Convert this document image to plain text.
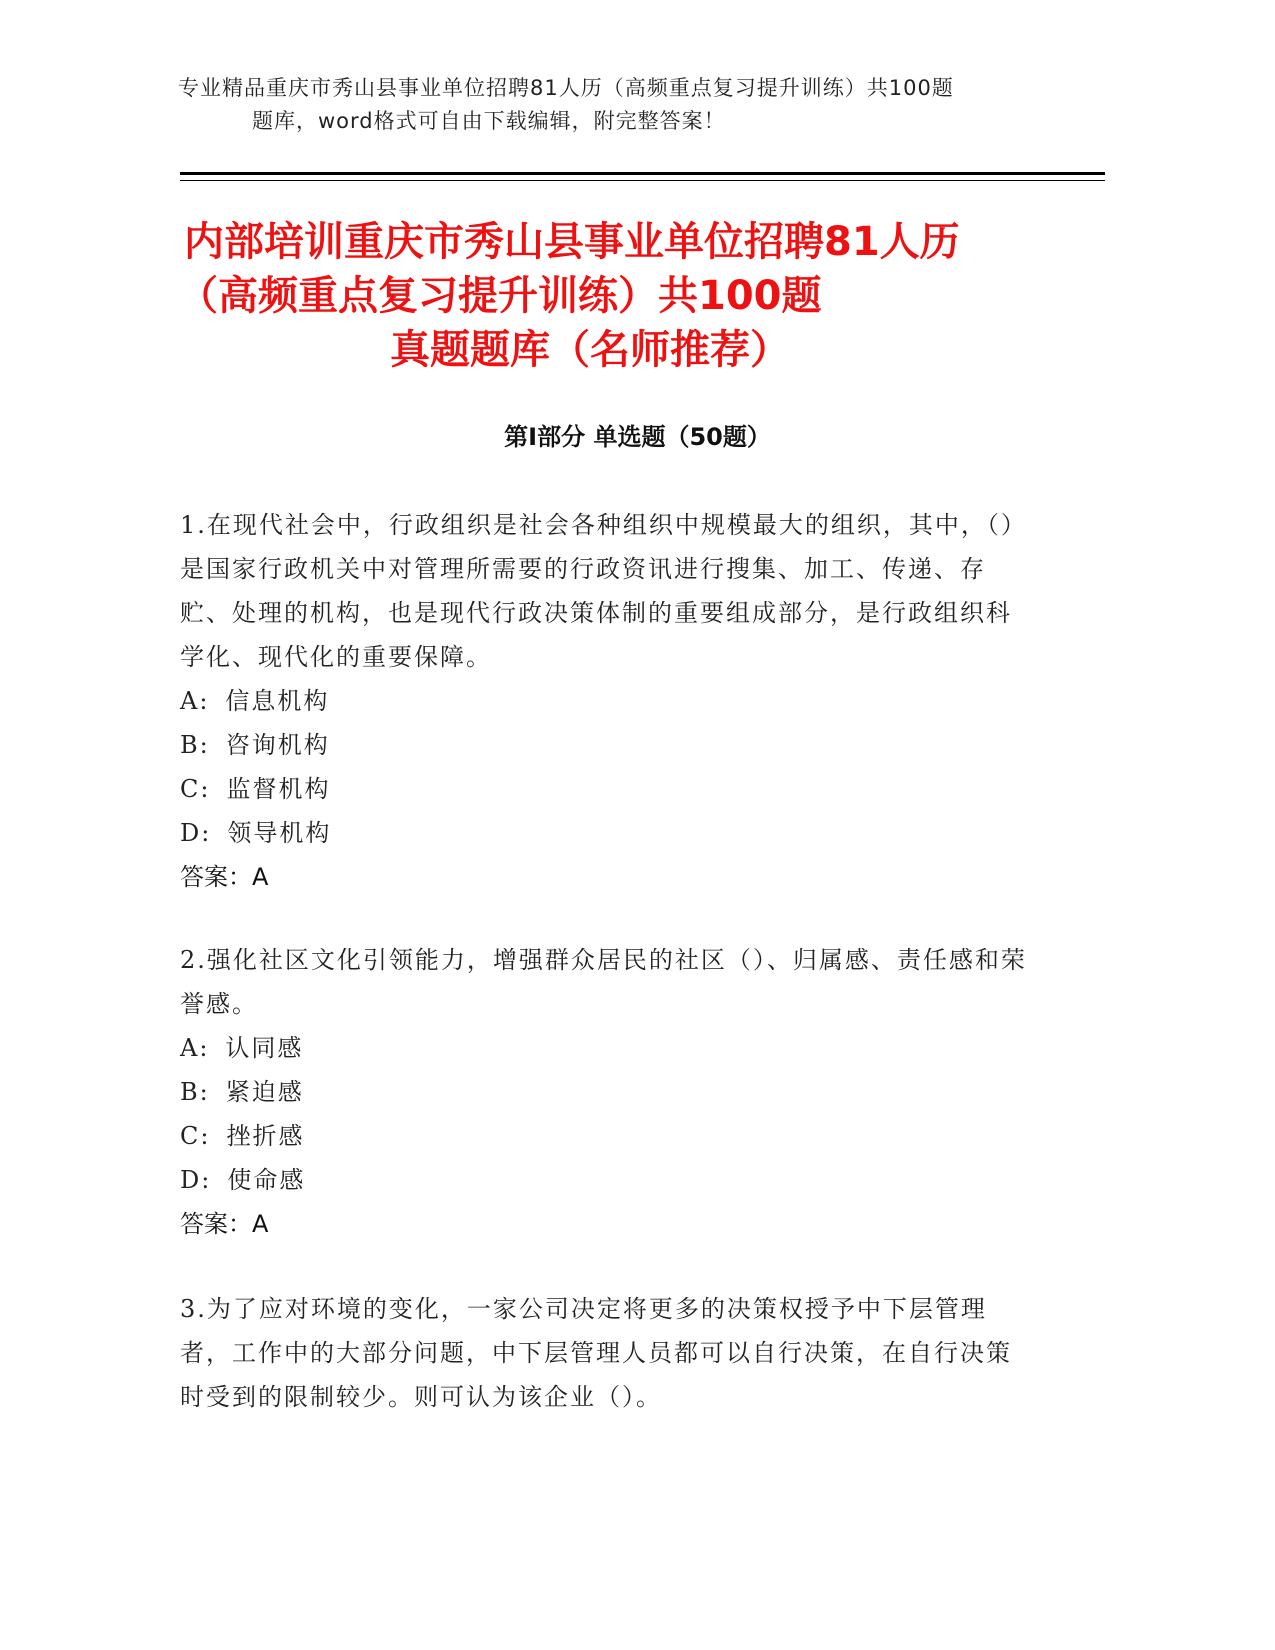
专业精品重庆市秀山县事业单位招聘81人历（高频重点复习提升训练）共100题
题库，word格式可自由下载编辑，附完整答案！
内部培训重庆市秀山县事业单位招聘81人历
（高频重点复习提升训练）共100题
真题题库（名师推荐）
第I部分 单选题（50题）

1.在现代社会中，行政组织是社会各种组织中规模最大的组织，其中，（）是国家行政机关中对管理所需要的行政资讯进行搜集、加工、传递、存贮、处理的机构，也是现代行政决策体制的重要组成部分，是行政组织科学化、现代化的重要保障。

A: 信息机构

B: 咨询机构

C: 监督机构

D: 领导机构

答案：A

2.强化社区文化引领能力，增强群众居民的社区（）、归属感、责任感和荣誉感。

A: 认同感

B: 紧迫感

C: 挫折感

D: 使命感

答案：A

3.为了应对环境的变化，一家公司决定将更多的决策权授予中下层管理者，工作中的大部分问题，中下层管理人员都可以自行决策，在自行决策时受到的限制较少。则可认为该企业（）。
